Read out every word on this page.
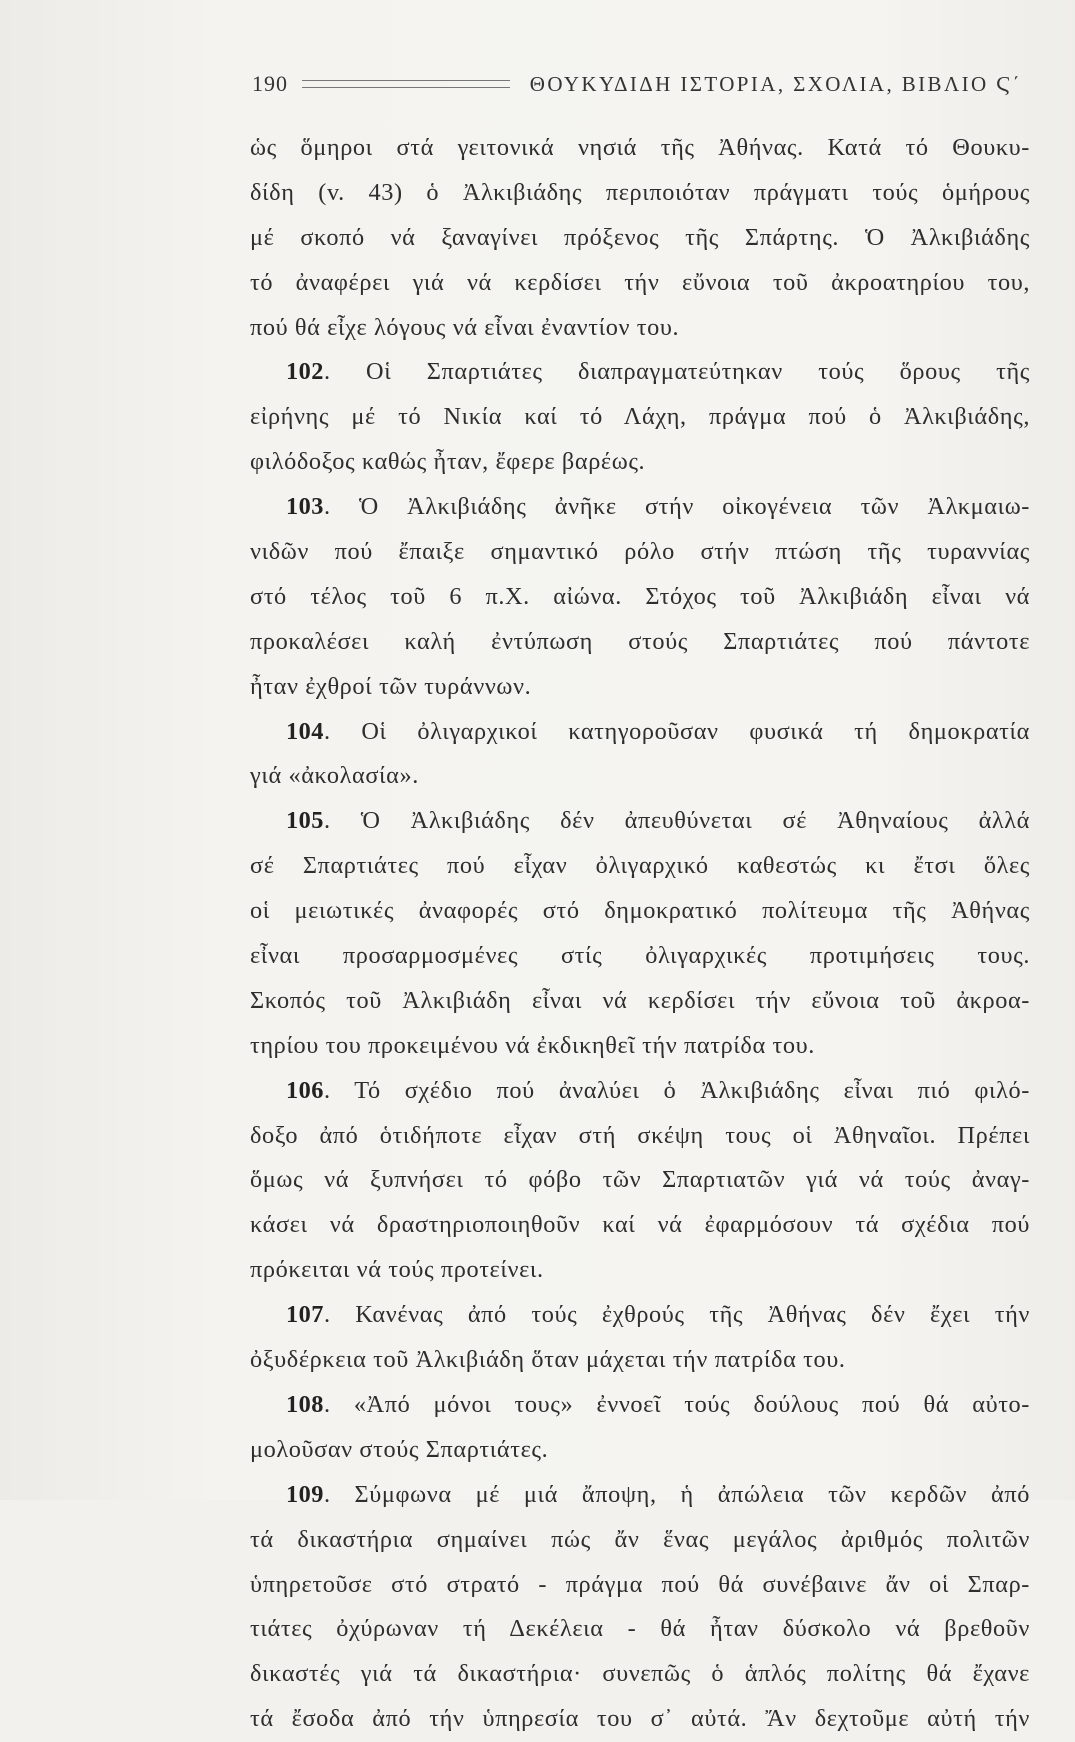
190	ΘΟΥΚΥΔΙΔΗ ΙΣΤΟΡΙΑ, ΣΧΟΛΙΑ, ΒΙΒΛΙΟ Ϛ΄
ὡς ὅμηροι στά γειτονικά νησιά τῆς Ἀθήνας. Κατά τό Θουκυ-
δίδη (v. 43) ὁ Ἀλκιβιάδης περιποιόταν πράγματι τούς ὁμήρους
μέ σκοπό νά ξαναγίνει πρόξενος τῆς Σπάρτης. Ὁ Ἀλκιβιάδης
τό ἀναφέρει γιά νά κερδίσει τήν εὔνοια τοῦ ἀκροατηρίου του,
πού θά εἶχε λόγους νά εἶναι ἐναντίον του.
102. Οἱ Σπαρτιάτες διαπραγματεύτηκαν τούς ὅρους τῆς
εἰρήνης μέ τό Νικία καί τό Λάχη, πράγμα πού ὁ Ἀλκιβιάδης,
φιλόδοξος καθώς ἦταν, ἔφερε βαρέως.
103. Ὁ Ἀλκιβιάδης ἀνῆκε στήν οἰκογένεια τῶν Ἀλκμαιω-
νιδῶν πού ἔπαιξε σημαντικό ρόλο στήν πτώση τῆς τυραννίας
στό τέλος τοῦ 6 π.Χ. αἰώνα. Στόχος τοῦ Ἀλκιβιάδη εἶναι νά
προκαλέσει καλή ἐντύπωση στούς Σπαρτιάτες πού πάντοτε
ἦταν ἐχθροί τῶν τυράννων.
104. Οἱ ὀλιγαρχικοί κατηγοροῦσαν φυσικά τή δημοκρατία
γιά «ἀκολασία».
105. Ὁ Ἀλκιβιάδης δέν ἀπευθύνεται σέ Ἀθηναίους ἀλλά
σέ Σπαρτιάτες πού εἶχαν ὀλιγαρχικό καθεστώς κι ἔτσι ὅλες
οἱ μειωτικές ἀναφορές στό δημοκρατικό πολίτευμα τῆς Ἀθήνας
εἶναι προσαρμοσμένες στίς ὀλιγαρχικές προτιμήσεις τους.
Σκοπός τοῦ Ἀλκιβιάδη εἶναι νά κερδίσει τήν εὔνοια τοῦ ἀκροα-
τηρίου του προκειμένου νά ἐκδικηθεῖ τήν πατρίδα του.
106. Τό σχέδιο πού ἀναλύει ὁ Ἀλκιβιάδης εἶναι πιό φιλό-
δοξο ἀπό ὁτιδήποτε εἶχαν στή σκέψη τους οἱ Ἀθηναῖοι. Πρέπει
ὅμως νά ξυπνήσει τό φόβο τῶν Σπαρτιατῶν γιά νά τούς ἀναγ-
κάσει νά δραστηριοποιηθοῦν καί νά ἐφαρμόσουν τά σχέδια πού
πρόκειται νά τούς προτείνει.
107. Κανένας ἀπό τούς ἐχθρούς τῆς Ἀθήνας δέν ἔχει τήν
ὀξυδέρκεια τοῦ Ἀλκιβιάδη ὅταν μάχεται τήν πατρίδα του.
108. «Ἀπό μόνοι τους» ἐννοεῖ τούς δούλους πού θά αὐτο-
μολοῦσαν στούς Σπαρτιάτες.
109. Σύμφωνα μέ μιά ἄποψη, ἡ ἀπώλεια τῶν κερδῶν ἀπό
τά δικαστήρια σημαίνει πώς ἄν ἕνας μεγάλος ἀριθμός πολιτῶν
ὑπηρετοῦσε στό στρατό - πράγμα πού θά συνέβαινε ἄν οἱ Σπαρ-
τιάτες ὀχύρωναν τή Δεκέλεια - θά ἦταν δύσκολο νά βρεθοῦν
δικαστές γιά τά δικαστήρια· συνεπῶς ὁ ἁπλός πολίτης θά ἔχανε
τά ἔσοδα ἀπό τήν ὑπηρεσία του σ᾽ αὐτά. Ἄν δεχτοῦμε αὐτή τήν
